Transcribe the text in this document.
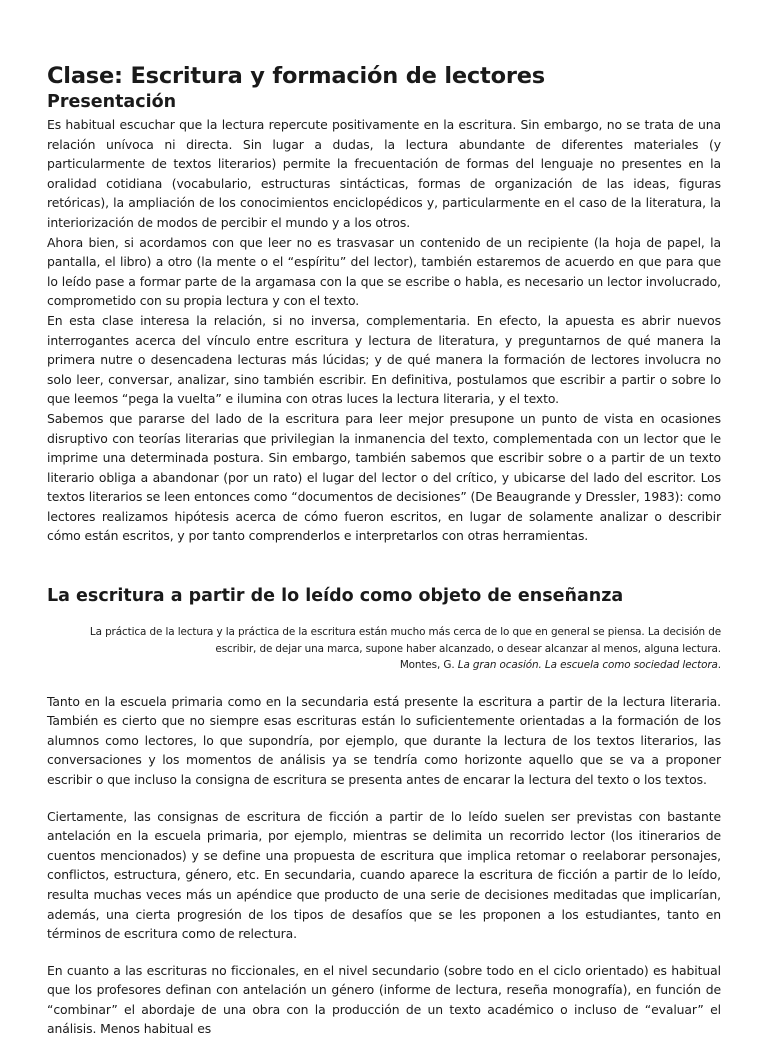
Clase: Escritura y formación de lectores
Presentación

Es habitual escuchar que la lectura repercute positivamente en la escritura. Sin embargo, no se trata de una relación unívoca ni directa. Sin lugar a dudas, la lectura abundante de diferentes materiales (y particularmente de textos literarios) permite la frecuentación de formas del lenguaje no presentes en la oralidad cotidiana (vocabulario, estructuras sintácticas, formas de organización de las ideas, figuras retóricas), la ampliación de los conocimientos enciclopédicos y, particularmente en el caso de la literatura, la interiorización de modos de percibir el mundo y a los otros.

Ahora bien, si acordamos con que leer no es trasvasar un contenido de un recipiente (la hoja de papel, la pantalla, el libro) a otro (la mente o el “espíritu” del lector), también estaremos de acuerdo en que para que lo leído pase a formar parte de la argamasa con la que se escribe o habla, es necesario un lector involucrado, comprometido con su propia lectura y con el texto.

En esta clase interesa la relación, si no inversa, complementaria. En efecto, la apuesta es abrir nuevos interrogantes acerca del vínculo entre escritura y lectura de literatura, y preguntarnos de qué manera la primera nutre o desencadena lecturas más lúcidas; y de qué manera la formación de lectores involucra no solo leer, conversar, analizar, sino también escribir. En definitiva, postulamos que escribir a partir o sobre lo que leemos “pega la vuelta” e ilumina con otras luces la lectura literaria, y el texto.

Sabemos que pararse del lado de la escritura para leer mejor presupone un punto de vista en ocasiones disruptivo con teorías literarias que privilegian la inmanencia del texto, complementada con un lector que le imprime una determinada postura. Sin embargo, también sabemos que escribir sobre o a partir de un texto literario obliga a abandonar (por un rato) el lugar del lector o del crítico, y ubicarse del lado del escritor. Los textos literarios se leen entonces como “documentos de decisiones” (De Beaugrande y Dressler, 1983): como lectores realizamos hipótesis acerca de cómo fueron escritos, en lugar de solamente analizar o describir cómo están escritos, y por tanto comprenderlos e interpretarlos con otras herramientas.

La escritura a partir de lo leído como objeto de enseñanza
La práctica de la lectura y la práctica de la escritura están mucho más cerca de lo que en general se piensa. La decisión de escribir, de dejar una marca, supone haber alcanzado, o desear alcanzar al menos, alguna lectura.
Montes, G. La gran ocasión. La escuela como sociedad lectora.

Tanto en la escuela primaria como en la secundaria está presente la escritura a partir de la lectura literaria. También es cierto que no siempre esas escrituras están lo suficientemente orientadas a la formación de los alumnos como lectores, lo que supondría, por ejemplo, que durante la lectura de los textos literarios, las conversaciones y los momentos de análisis ya se tendría como horizonte aquello que se va a proponer escribir o que incluso la consigna de escritura se presenta antes de encarar la lectura del texto o los textos.

Ciertamente, las consignas de escritura de ficción a partir de lo leído suelen ser previstas con bastante antelación en la escuela primaria, por ejemplo, mientras se delimita un recorrido lector (los itinerarios de cuentos mencionados) y se define una propuesta de escritura que implica retomar o reelaborar personajes, conflictos, estructura, género, etc. En secundaria, cuando aparece la escritura de ficción a partir de lo leído, resulta muchas veces más un apéndice que producto de una serie de decisiones meditadas que implicarían, además, una cierta progresión de los tipos de desafíos que se les proponen a los estudiantes, tanto en términos de escritura como de relectura.

En cuanto a las escrituras no ficcionales, en el nivel secundario (sobre todo en el ciclo orientado) es habitual que los profesores definan con antelación un género (informe de lectura, reseña monografía), en función de “combinar” el abordaje de una obra con la producción de un texto académico o incluso de “evaluar” el análisis. Menos habitual es
